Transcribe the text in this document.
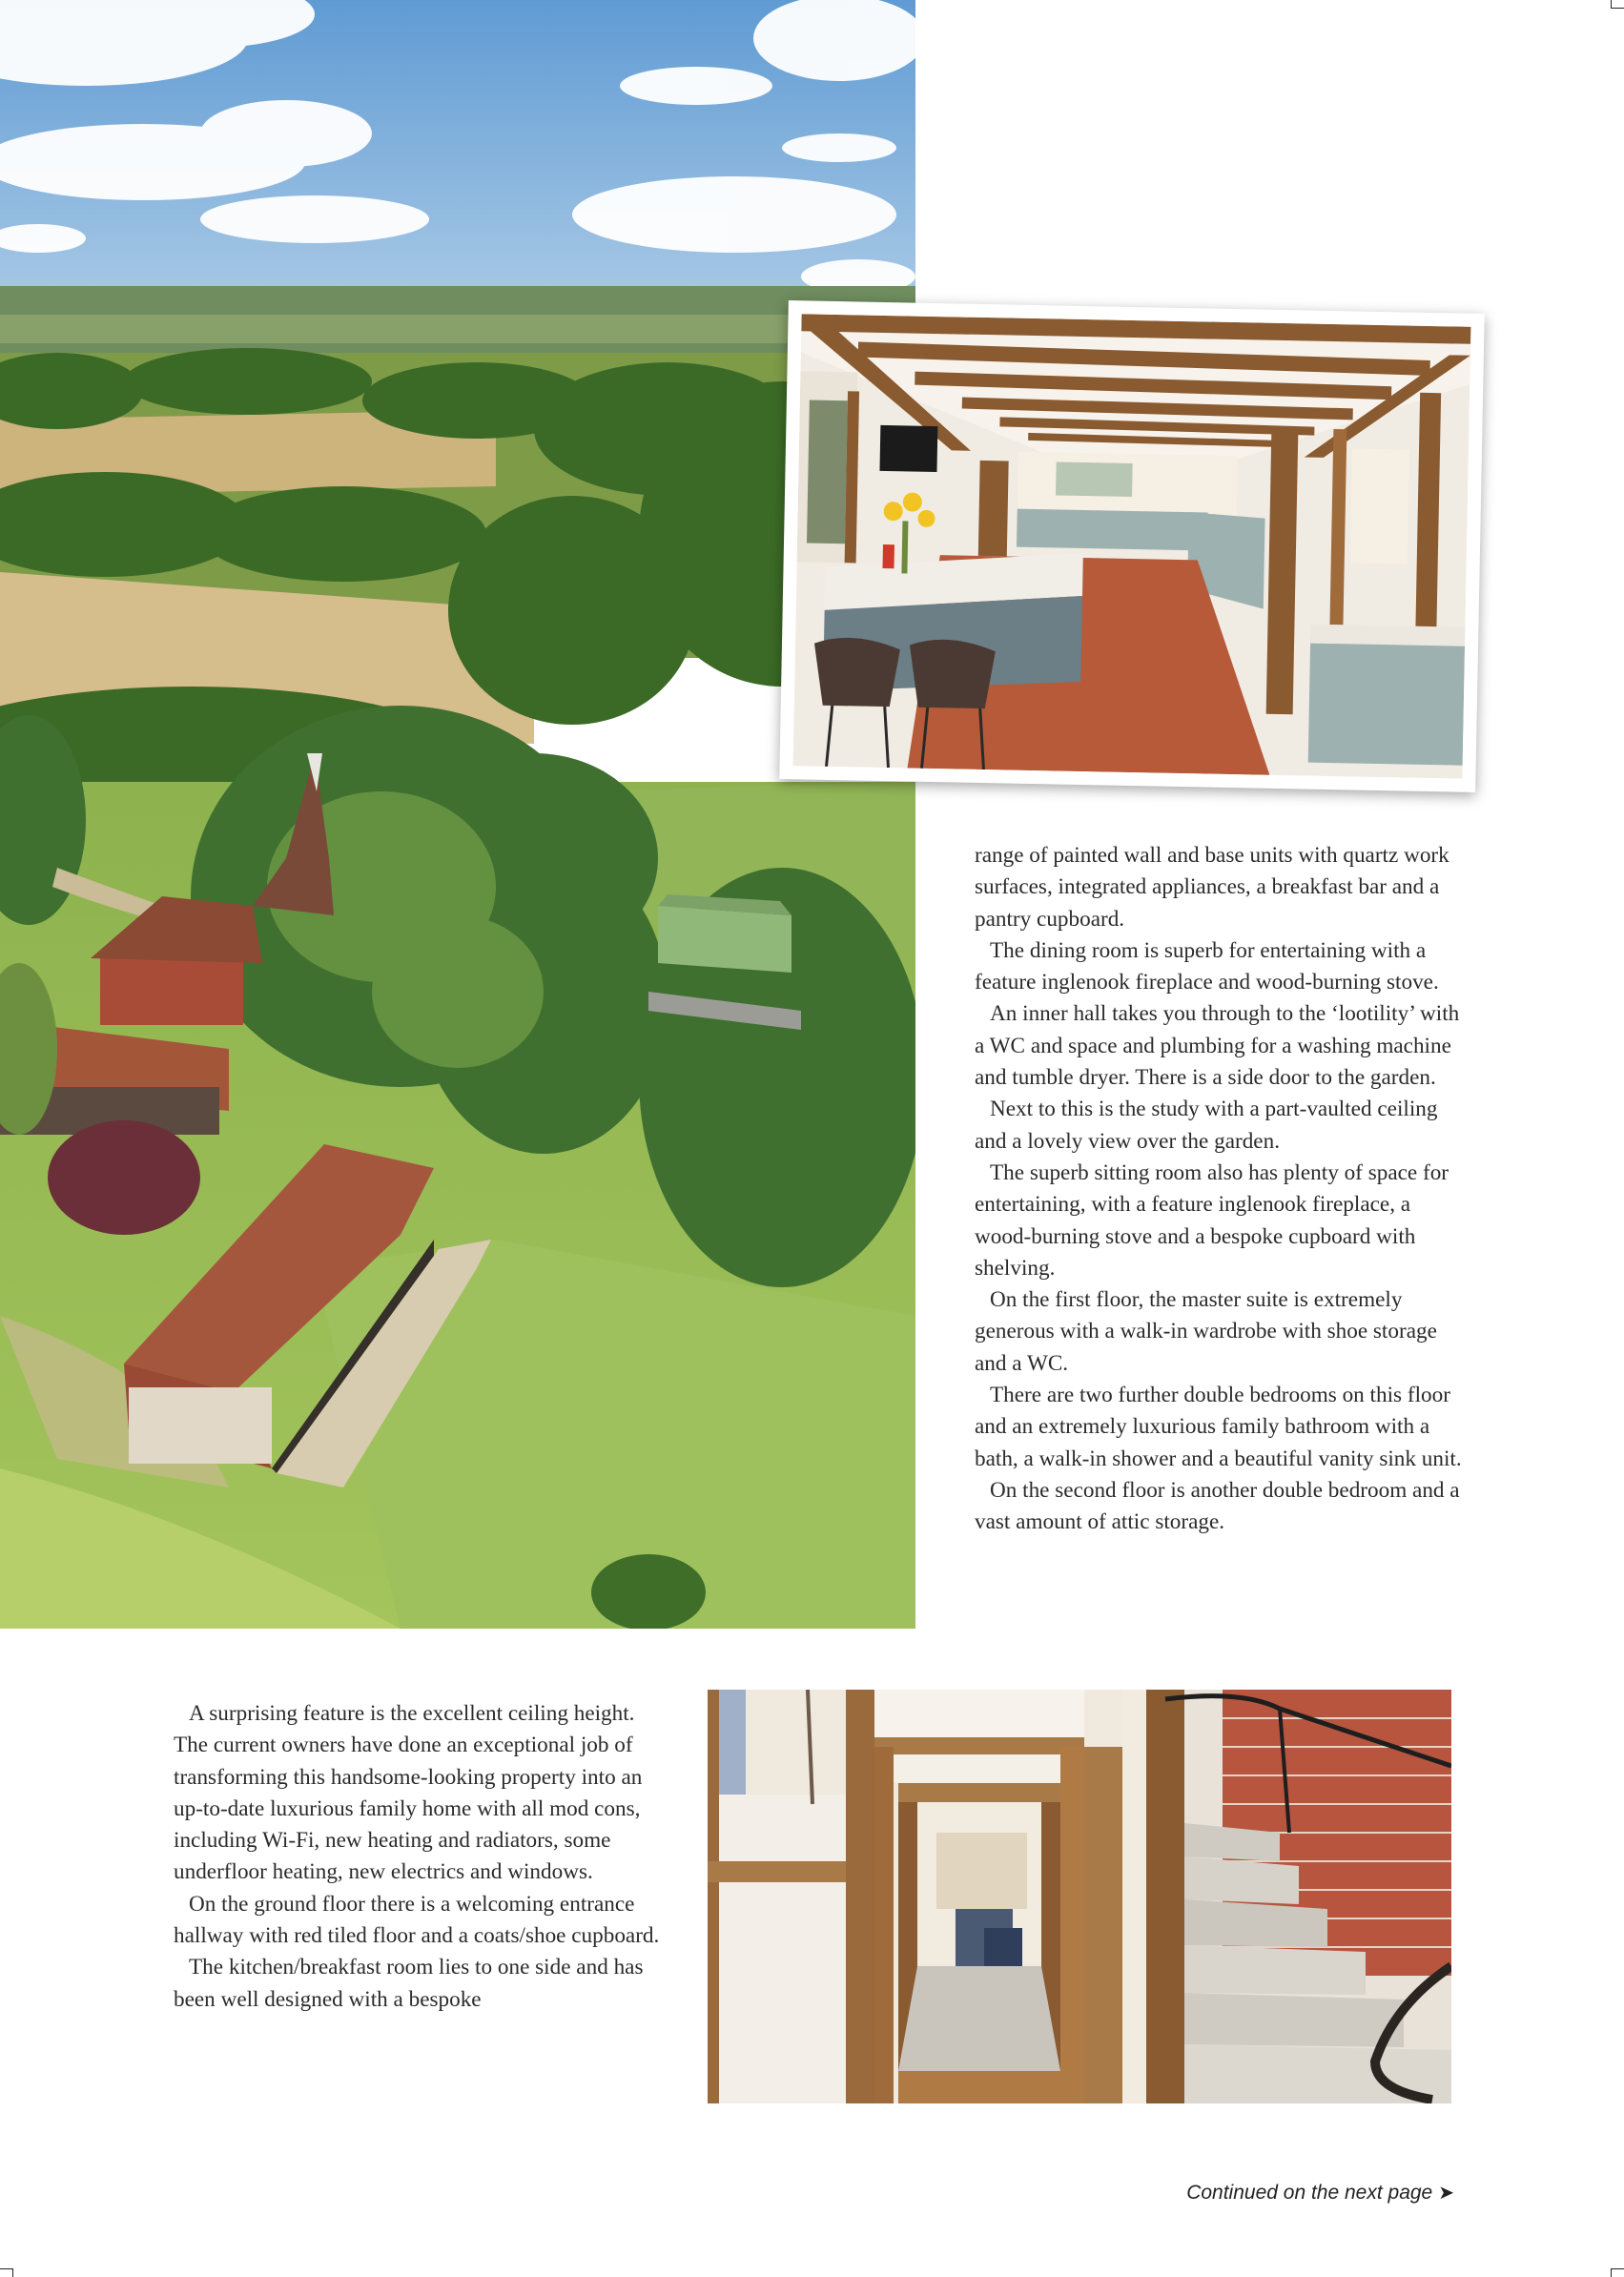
range of painted wall and base units with quartz work surfaces, integrated appliances, a breakfast bar and a pantry cupboard.

The dining room is superb for entertaining with a feature inglenook fireplace and wood-burning stove.

An inner hall takes you through to the ‘lootility’ with a WC and space and plumbing for a washing machine and tumble dryer. There is a side door to the garden.

Next to this is the study with a part-vaulted ceiling and a lovely view over the garden.

The superb sitting room also has plenty of space for entertaining, with a feature inglenook fireplace, a wood-burning stove and a bespoke cupboard with shelving.

On the first floor, the master suite is extremely generous with a walk-in wardrobe with shoe storage and a WC.

There are two further double bedrooms on this floor and an extremely luxurious family bathroom with a bath, a walk-in shower and a beautiful vanity sink unit.

On the second floor is another double bedroom and a vast amount of attic storage.

A surprising feature is the excellent ceiling height. The current owners have done an exceptional job of transforming this handsome-looking property into an up-to-date luxurious family home with all mod cons, including Wi-Fi, new heating and radiators, some underfloor heating, new electrics and windows.

On the ground floor there is a welcoming entrance hallway with red tiled floor and a coats/shoe cupboard.

The kitchen/breakfast room lies to one side and has been well designed with a bespoke

Continued on the next page ➤
